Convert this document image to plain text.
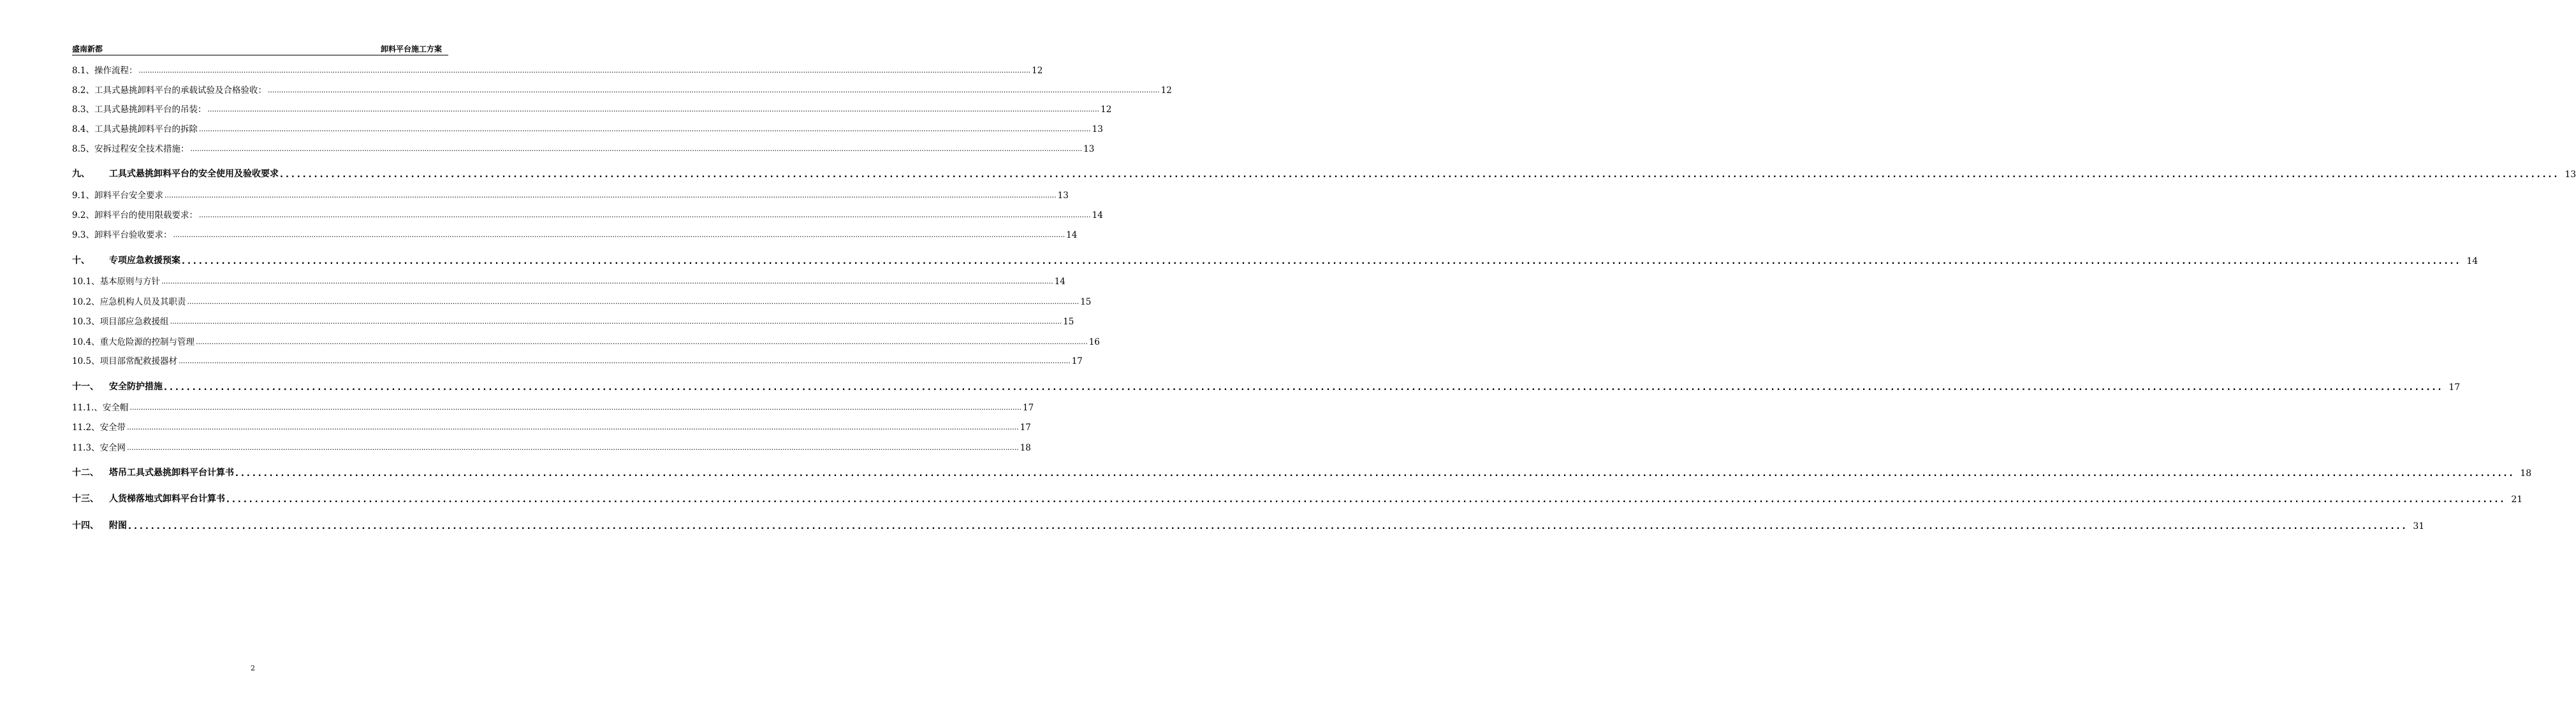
盛南新都	卸料平台施工方案
8.1、 操作流程： ................................................................................................................................................................................................................................................................................................................................................................................................................ 12
8.2、 工具式悬挑卸料平台的承载试验及合格验收： ................................................................................................................................................................................................................................................................................................................................................................................................................ 12
8.3、 工具式悬挑卸料平台的吊装： ................................................................................................................................................................................................................................................................................................................................................................................................................ 12
8.4、 工具式悬挑卸料平台的拆除 ................................................................................................................................................................................................................................................................................................................................................................................................................ 13
8.5、 安拆过程安全技术措施： ................................................................................................................................................................................................................................................................................................................................................................................................................ 13
九、	工具式悬挑卸料平台的安全使用及验收要求 ................................................................................................................................................................................................................................................................................................................................................................................................................ 13
9.1、 卸料平台安全要求 ................................................................................................................................................................................................................................................................................................................................................................................................................ 13
9.2、 卸料平台的使用限载要求： ................................................................................................................................................................................................................................................................................................................................................................................................................ 14
9.3、 卸料平台验收要求： ................................................................................................................................................................................................................................................................................................................................................................................................................ 14
十、	专项应急救援预案 ................................................................................................................................................................................................................................................................................................................................................................................................................ 14
10.1、 基本原则与方针 ................................................................................................................................................................................................................................................................................................................................................................................................................ 14
10.2、 应急机构人员及其职责 ................................................................................................................................................................................................................................................................................................................................................................................................................ 15
10.3、 项目部应急救援组 ................................................................................................................................................................................................................................................................................................................................................................................................................ 15
10.4、 重大危险源的控制与管理 ................................................................................................................................................................................................................................................................................................................................................................................................................ 16
10.5、 项目部常配救援器材 ................................................................................................................................................................................................................................................................................................................................................................................................................ 17
十一、	安全防护措施 ................................................................................................................................................................................................................................................................................................................................................................................................................ 17
11.1.、 安全帽 ................................................................................................................................................................................................................................................................................................................................................................................................................ 17
11.2、 安全带 ................................................................................................................................................................................................................................................................................................................................................................................................................ 17
11.3、 安全网 ................................................................................................................................................................................................................................................................................................................................................................................................................ 18
十二、	塔吊工具式悬挑卸料平台计算书 ................................................................................................................................................................................................................................................................................................................................................................................................................ 18
十三、	人货梯落地式卸料平台计算书 ................................................................................................................................................................................................................................................................................................................................................................................................................ 21
十四、	附图 ................................................................................................................................................................................................................................................................................................................................................................................................................ 31
2
